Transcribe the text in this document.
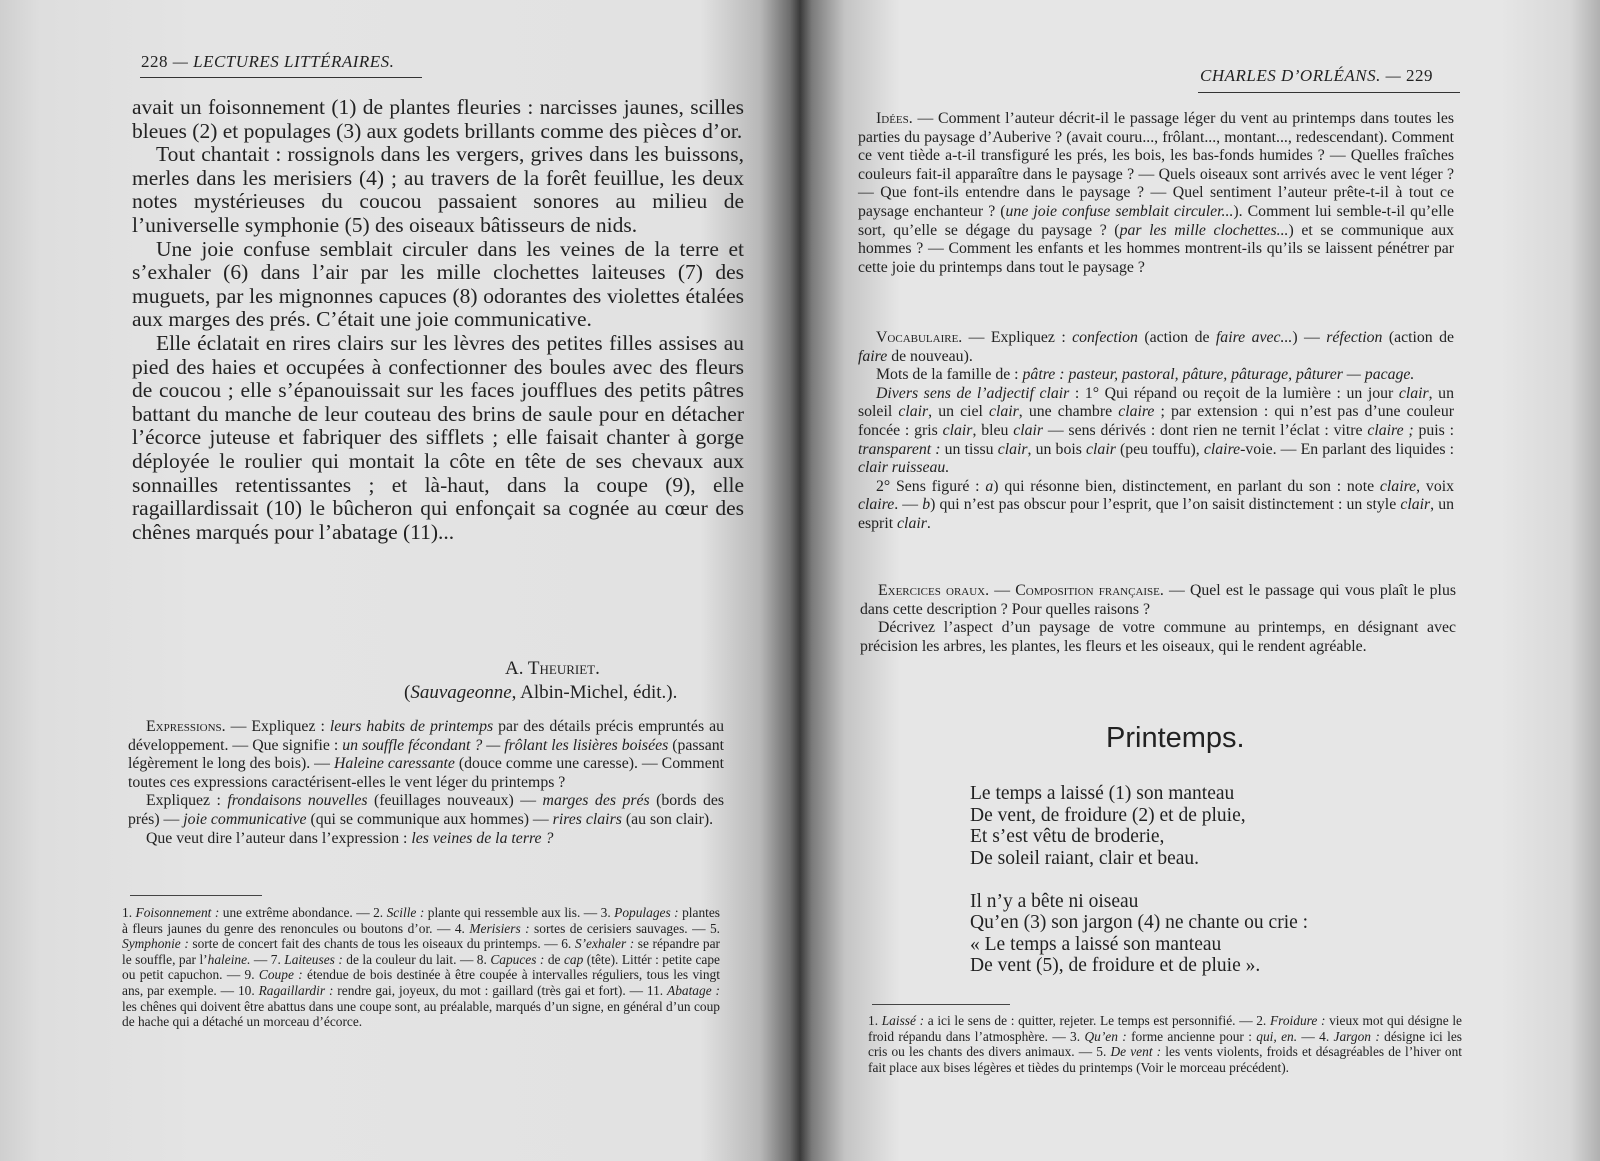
228 — LECTURES LITTÉRAIRES.

avait un foisonnement (1) de plantes fleuries : narcisses jaunes, scilles bleues (2) et populages (3) aux godets brillants comme des pièces d’or.

Tout chantait : rossignols dans les vergers, grives dans les buissons, merles dans les merisiers (4) ; au travers de la forêt feuillue, les deux notes mystérieuses du coucou passaient sonores au milieu de l’universelle symphonie (5) des oiseaux bâtisseurs de nids.

Une joie confuse semblait circuler dans les veines de la terre et s’exhaler (6) dans l’air par les mille clochettes laiteuses (7) des muguets, par les mignonnes capuces (8) odorantes des violettes étalées aux marges des prés. C’était une joie communicative.

Elle éclatait en rires clairs sur les lèvres des petites filles assises au pied des haies et occupées à confectionner des boules avec des fleurs de coucou ; elle s’épanouissait sur les faces joufflues des petits pâtres battant du manche de leur couteau des brins de saule pour en détacher l’écorce juteuse et fabriquer des sifflets ; elle faisait chanter à gorge déployée le roulier qui montait la côte en tête de ses chevaux aux sonnailles retentissantes ; et là-haut, dans la coupe (9), elle ragaillardissait (10) le bûcheron qui enfonçait sa cognée au cœur des chênes marqués pour l’abatage (11)...

A. Theuriet.
(Sauvageonne, Albin-Michel, édit.).

Expressions. — Expliquez : leurs habits de printemps par des détails précis empruntés au développement. — Que signifie : un souffle fécondant ? — frôlant les lisières boisées (passant légèrement le long des bois). — Haleine caressante (douce comme une caresse). — Comment toutes ces expressions caractérisent-elles le vent léger du printemps ?

Expliquez : frondaisons nouvelles (feuillages nouveaux) — marges des prés (bords des prés) — joie communicative (qui se communique aux hommes) — rires clairs (au son clair).

Que veut dire l’auteur dans l’expression : les veines de la terre ?

1. Foisonnement : une extrême abondance. — 2. Scille : plante qui ressemble aux lis. — 3. Populages : plantes à fleurs jaunes du genre des renoncules ou boutons d’or. — 4. Merisiers : sortes de cerisiers sauvages. — 5. Symphonie : sorte de concert fait des chants de tous les oiseaux du printemps. — 6. S’exhaler : se répandre par le souffle, par l’haleine. — 7. Laiteuses : de la couleur du lait. — 8. Capuces : de cap (tête). Littér : petite cape ou petit capuchon. — 9. Coupe : étendue de bois destinée à être coupée à intervalles réguliers, tous les vingt ans, par exemple. — 10. Ragaillardir : rendre gai, joyeux, du mot : gaillard (très gai et fort). — 11. Abatage : les chênes qui doivent être abattus dans une coupe sont, au préalable, marqués d’un signe, en général d’un coup de hache qui a détaché un morceau d’écorce.

CHARLES D’ORLÉANS. — 229

Idées. — Comment l’auteur décrit-il le passage léger du vent au printemps dans toutes les parties du paysage d’Auberive ? (avait couru..., frôlant..., montant..., redescendant). Comment ce vent tiède a-t-il transfiguré les prés, les bois, les bas-fonds humides ? — Quelles fraîches couleurs fait-il apparaître dans le paysage ? — Quels oiseaux sont arrivés avec le vent léger ? — Que font-ils entendre dans le paysage ? — Quel sentiment l’auteur prête-t-il à tout ce paysage enchanteur ? (une joie confuse semblait circuler...). Comment lui semble-t-il qu’elle sort, qu’elle se dégage du paysage ? (par les mille clochettes...) et se communique aux hommes ? — Comment les enfants et les hommes montrent-ils qu’ils se laissent pénétrer par cette joie du printemps dans tout le paysage ?

Vocabulaire. — Expliquez : confection (action de faire avec...) — réfection (action de faire de nouveau).

Mots de la famille de : pâtre : pasteur, pastoral, pâture, pâturage, pâturer — pacage.

Divers sens de l’adjectif clair : 1° Qui répand ou reçoit de la lumière : un jour clair, un soleil clair, un ciel clair, une chambre claire ; par extension : qui n’est pas d’une couleur foncée : gris clair, bleu clair — sens dérivés : dont rien ne ternit l’éclat : vitre claire ; puis : transparent : un tissu clair, un bois clair (peu touffu), claire-voie. — En parlant des liquides : clair ruisseau.

2° Sens figuré : a) qui résonne bien, distinctement, en parlant du son : note claire, voix claire. — b) qui n’est pas obscur pour l’esprit, que l’on saisit distinctement : un style clair, un esprit clair.

Exercices oraux. — Composition française. — Quel est le passage qui vous plaît le plus dans cette description ? Pour quelles raisons ?

Décrivez l’aspect d’un paysage de votre commune au printemps, en désignant avec précision les arbres, les plantes, les fleurs et les oiseaux, qui le rendent agréable.

Printemps.
Le temps a laissé (1) son manteau
De vent, de froidure (2) et de pluie,
Et s’est vêtu de broderie,
De soleil raiant, clair et beau.
Il n’y a bête ni oiseau
Qu’en (3) son jargon (4) ne chante ou crie :
« Le temps a laissé son manteau
De vent (5), de froidure et de pluie ».

1. Laissé : a ici le sens de : quitter, rejeter. Le temps est personnifié. — 2. Froidure : vieux mot qui désigne le froid répandu dans l’atmosphère. — 3. Qu’en : forme ancienne pour : qui, en. — 4. Jargon : désigne ici les cris ou les chants des divers animaux. — 5. De vent : les vents violents, froids et désagréables de l’hiver ont fait place aux bises légères et tièdes du printemps (Voir le morceau précédent).
